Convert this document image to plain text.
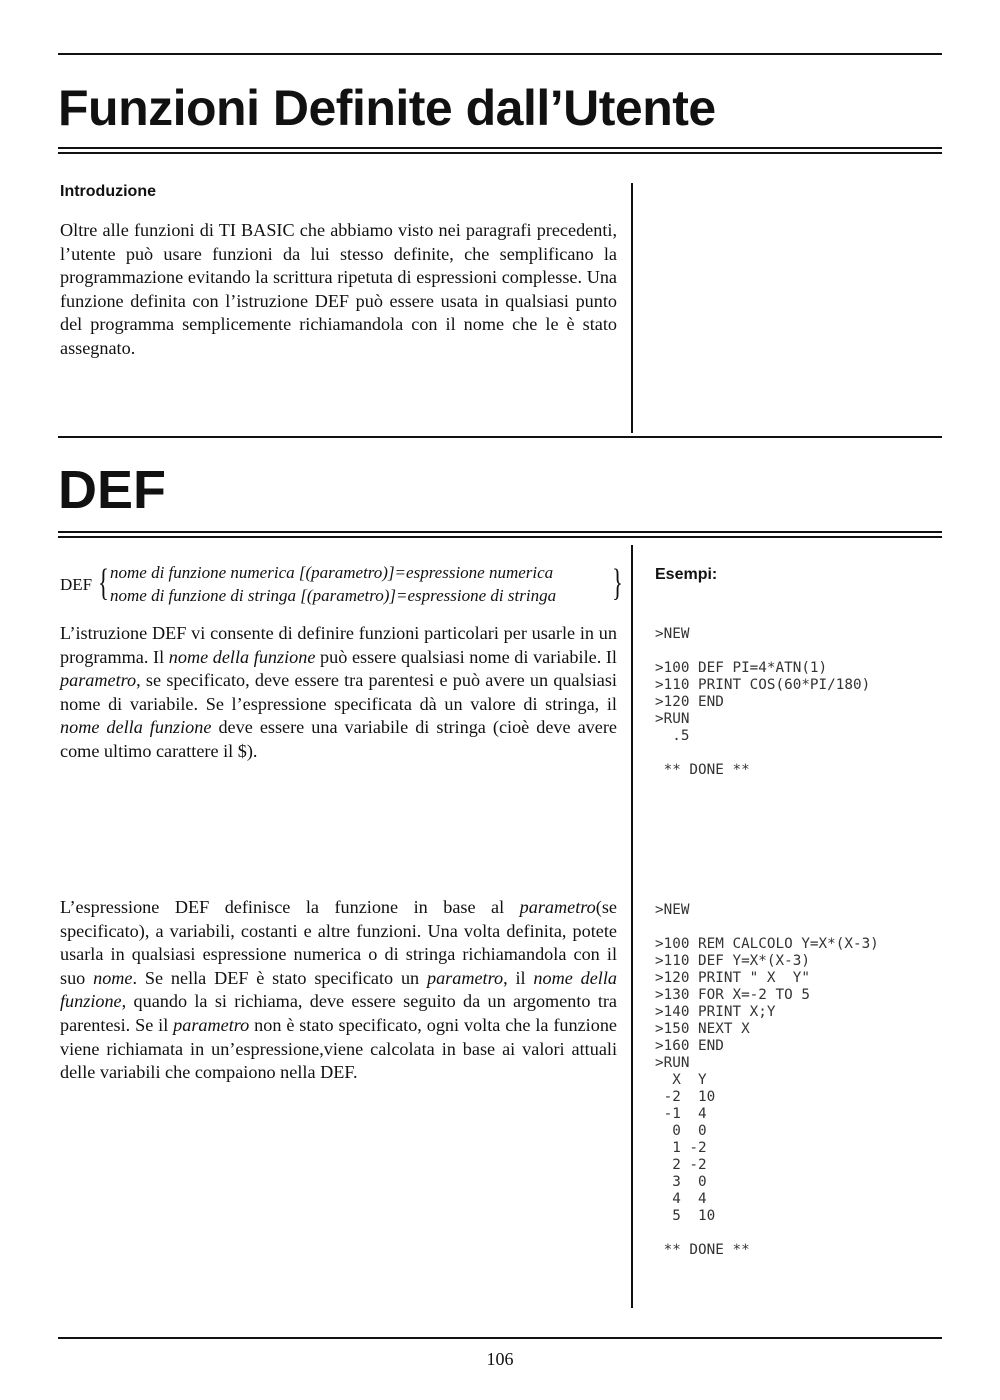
Funzioni Definite dall’Utente
Introduzione

Oltre alle funzioni di TI BASIC che abbiamo visto nei paragrafi precedenti, l’utente può usare funzioni da lui stesso definite, che semplificano la programmazione evitando la scrittura ripetuta di espressioni complesse. Una funzione definita con l’istruzione DEF può essere usata in qualsiasi punto del programma semplicemente richiamandola con il nome che le è stato assegnato.

DEF
DEF { nome di funzione numerica [(parametro)]=espressione numerica
nome di funzione di stringa [(parametro)]=espressione di stringa }

L’istruzione DEF vi consente di definire funzioni particolari per usarle in un programma. Il nome della funzione può essere qualsiasi nome di variabile. Il parametro, se specificato, deve essere tra parentesi e può avere un qualsiasi nome di variabile. Se l’espressione specificata dà un valore di stringa, il nome della funzione deve essere una variabile di stringa (cioè deve avere come ultimo carattere il $).

L’espressione DEF definisce la funzione in base al parametro(se specificato), a variabili, costanti e altre funzioni. Una volta definita, potete usarla in qualsiasi espressione numerica o di stringa richiamandola con il suo nome. Se nella DEF è stato specificato un parametro, il nome della funzione, quando la si richiama, deve essere seguito da un argomento tra parentesi. Se il parametro non è stato specificato, ogni volta che la funzione viene richiamata in un’espressione,viene calcolata in base ai valori attuali delle variabili che compaiono nella DEF.

Esempi:
>NEW

>100 DEF PI=4*ATN(1)
>110 PRINT COS(60*PI/180)
>120 END
>RUN
.5

** DONE **
>NEW

>100 REM CALCOLO Y=X*(X-3)
>110 DEF Y=X*(X-3)
>120 PRINT " X  Y"
>130 FOR X=-2 TO 5
>140 PRINT X;Y
>150 NEXT X
>160 END
>RUN
X  Y
-2  10
-1  4
0  0
1 -2
2 -2
3  0
4  4
5  10

** DONE **
106
